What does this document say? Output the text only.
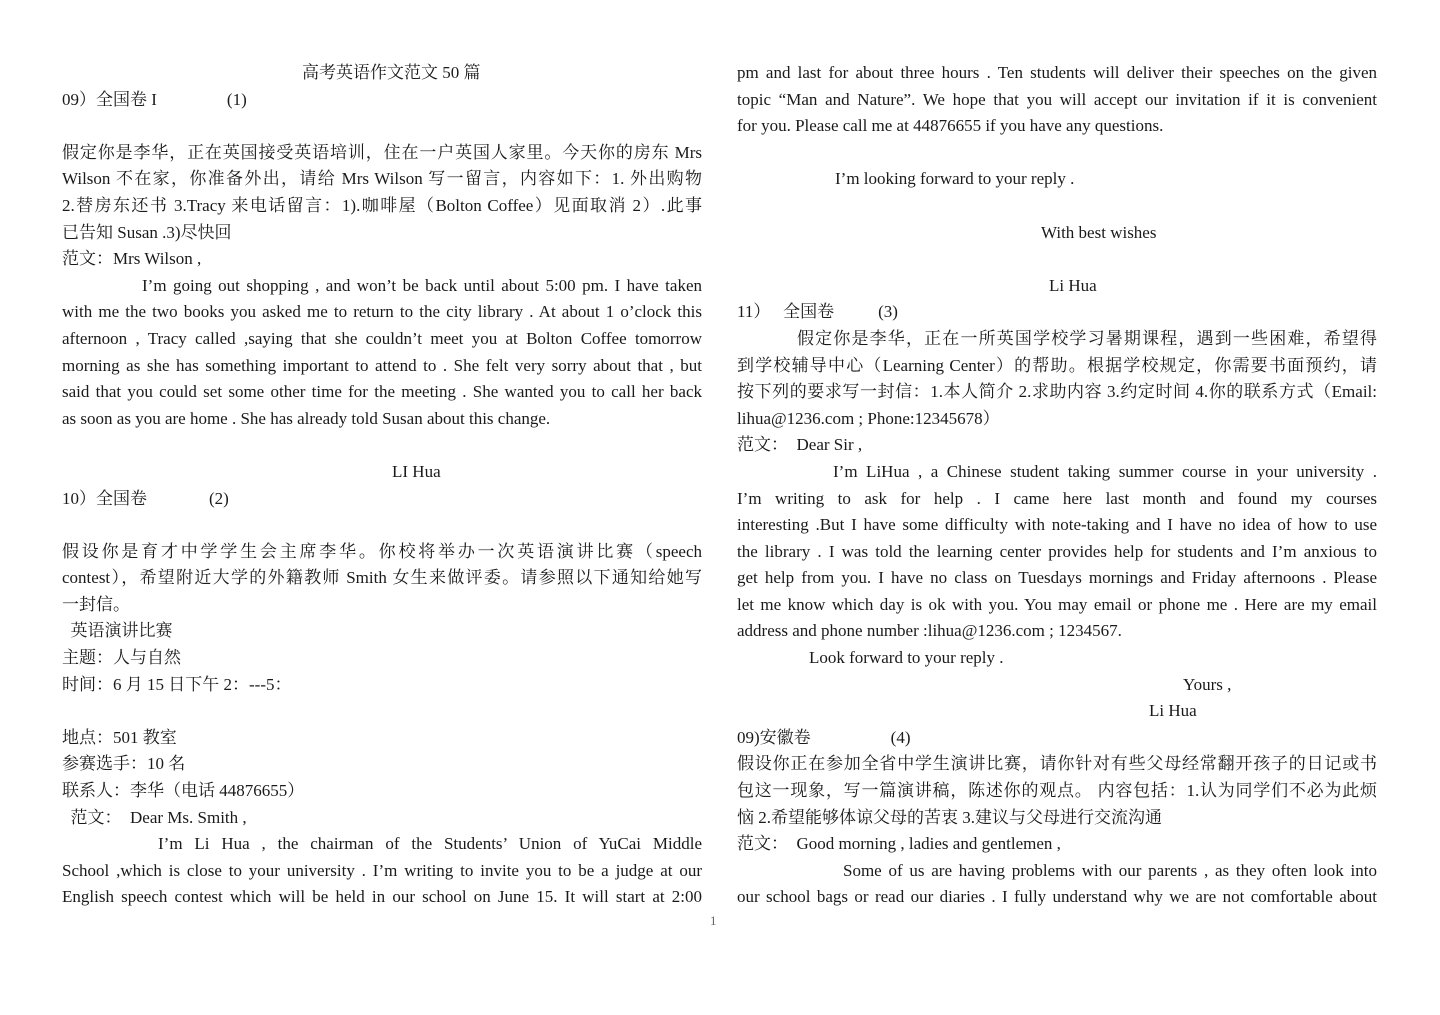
高考英语作文范文 50 篇
09）全国卷 I	(1)
假定你是李华，正在英国接受英语培训，住在一户英国人家里。今天你的房东 Mrs
Wilson 不在家，你准备外出，请给 Mrs Wilson 写一留言，内容如下：1. 外出购物
2.替房东还书 3.Tracy 来电话留言：1).咖啡屋（Bolton Coffee）见面取消 2）.此事
已告知 Susan .3)尽快回
范文：Mrs Wilson ,
I’m going out shopping , and won’t be back until about 5:00 pm. I have taken
with me the two books you asked me to return to the city library . At about 1 o’clock this
afternoon , Tracy called ,saying that she couldn’t meet you at Bolton Coffee tomorrow
morning as she has something important to attend to . She felt very sorry about that , but
said that you could set some other time for the meeting . She wanted you to call her back
as soon as you are home . She has already told Susan about this change.
LI Hua
10）全国卷	(2)
假设你是育才中学学生会主席李华。你校将举办一次英语演讲比赛（speech
contest），希望附近大学的外籍教师 Smith 女生来做评委。请参照以下通知给她写
一封信。
英语演讲比赛
主题：人与自然
时间：6 月 15 日下午 2：---5：
地点：501 教室
参赛选手：10 名
联系人：李华（电话 44876655）
范文：  Dear Ms. Smith ,
I’m Li Hua , the chairman of the Students’ Union of YuCai Middle
School ,which is close to your university . I’m writing to invite you to be a judge at our
English speech contest which will be held in our school on June 15. It will start at 2:00
pm and last for about three hours . Ten students will deliver their speeches on the given
topic “Man and Nature”. We hope that you will accept our invitation if it is convenient
for you. Please call me at 44876655 if you have any questions.
I’m looking forward to your reply .
With best wishes
Li Hua
11）   全国卷	(3)
假定你是李华，正在一所英国学校学习暑期课程，遇到一些困难，希望得
到学校辅导中心（Learning Center）的帮助。根据学校规定，你需要书面预约，请
按下列的要求写一封信：1.本人简介 2.求助内容 3.约定时间 4.你的联系方式（Email:
lihua@1236.com ; Phone:12345678）
范文：  Dear Sir ,
I’m LiHua , a Chinese student taking summer course in your university .
I’m writing to ask for help . I came here last month and found my courses
interesting .But I have some difficulty with note-taking and I have no idea of how to use
the library . I was told the learning center provides help for students and I’m anxious to
get help from you. I have no class on Tuesdays mornings and Friday afternoons . Please
let me know which day is ok with you. You may email or phone me . Here are my email
address and phone number :lihua@1236.com ; 1234567.
Look forward to your reply .
Yours ,
Li Hua
09)安徽卷	(4)
假设你正在参加全省中学生演讲比赛，请你针对有些父母经常翻开孩子的日记或书
包这一现象，写一篇演讲稿，陈述你的观点。 内容包括：1.认为同学们不必为此烦
恼 2.希望能够体谅父母的苦衷 3.建议与父母进行交流沟通
范文：  Good morning , ladies and gentlemen ,
Some of us are having problems with our parents , as they often look into
our school bags or read our diaries . I fully understand why we are not comfortable about
1
